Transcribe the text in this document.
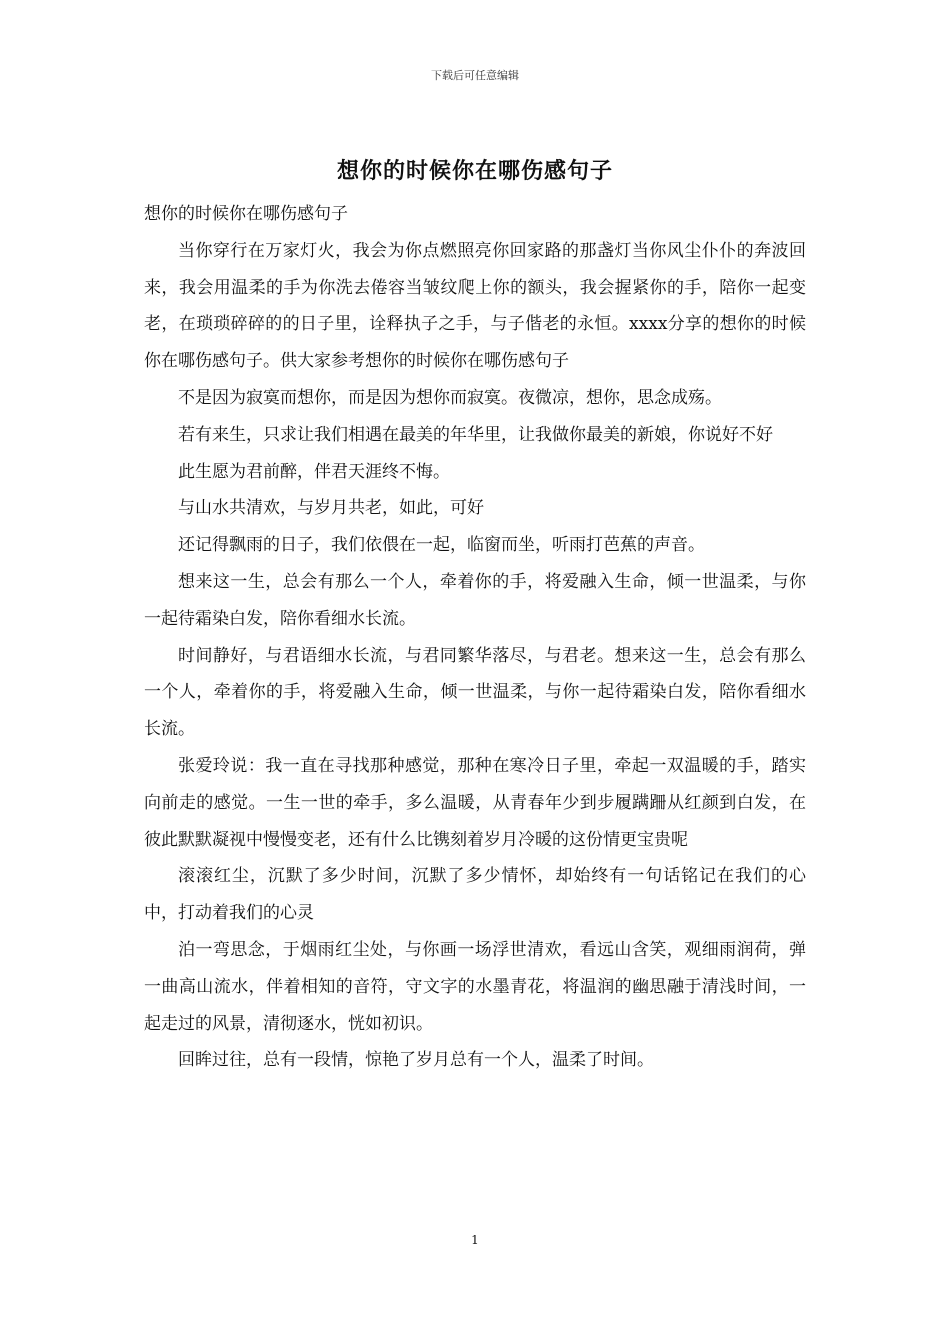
下载后可任意编辑
想你的时候你在哪伤感句子

想你的时候你在哪伤感句子

当你穿行在万家灯火，我会为你点燃照亮你回家路的那盏灯当你风尘仆仆的奔波回来，我会用温柔的手为你洗去倦容当皱纹爬上你的额头，我会握紧你的手，陪你一起变老，在琐琐碎碎的的日子里，诠释执子之手，与子偕老的永恒。xxxx分享的想你的时候你在哪伤感句子。供大家参考想你的时候你在哪伤感句子

不是因为寂寞而想你，而是因为想你而寂寞。夜微凉，想你，思念成殇。

若有来生，只求让我们相遇在最美的年华里，让我做你最美的新娘，你说好不好

此生愿为君前醉，伴君天涯终不悔。

与山水共清欢，与岁月共老，如此，可好

还记得飘雨的日子，我们依偎在一起，临窗而坐，听雨打芭蕉的声音。

想来这一生，总会有那么一个人，牵着你的手，将爱融入生命，倾一世温柔，与你一起待霜染白发，陪你看细水长流。

时间静好，与君语细水长流，与君同繁华落尽，与君老。想来这一生，总会有那么一个人，牵着你的手，将爱融入生命，倾一世温柔，与你一起待霜染白发，陪你看细水长流。

张爱玲说：我一直在寻找那种感觉，那种在寒冷日子里，牵起一双温暖的手，踏实向前走的感觉。一生一世的牵手，多么温暖，从青春年少到步履蹒跚从红颜到白发，在彼此默默凝视中慢慢变老，还有什么比镌刻着岁月冷暖的这份情更宝贵呢

滚滚红尘，沉默了多少时间，沉默了多少情怀，却始终有一句话铭记在我们的心中，打动着我们的心灵

泊一弯思念，于烟雨红尘处，与你画一场浮世清欢，看远山含笑，观细雨润荷，弹一曲高山流水，伴着相知的音符，守文字的水墨青花，将温润的幽思融于清浅时间，一起走过的风景，清彻逐水，恍如初识。

回眸过往，总有一段情，惊艳了岁月总有一个人，温柔了时间。

1
